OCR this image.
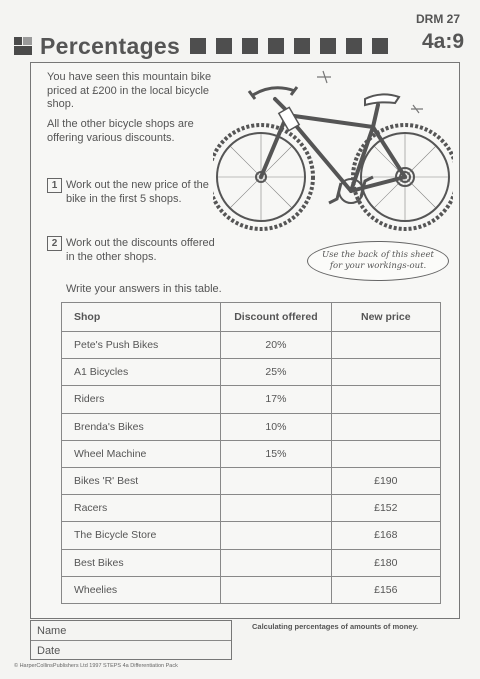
DRM 27
Percentages	4a:9
You have seen this mountain bike priced at £200 in the local bicycle shop.
All the other bicycle shops are offering various discounts.
1 Work out the new price of the bike in the first 5 shops.
2 Work out the discounts offered in the other shops.
Write your answers in this table.
Use the back of this sheet
for your workings-out.
Shop	Discount offered	New price
Pete's Push Bikes	20%	
A1 Bicycles	25%	
Riders	17%	
Brenda's Bikes	10%	
Wheel Machine	15%	
Bikes 'R' Best		£190
Racers		£152
The Bicycle Store		£168
Best Bikes		£180
Wheelies		£156
Name
Date
Calculating percentages of amounts of money.
© HarperCollinsPublishers Ltd 1997 STEPS 4a Differentiation Pack
